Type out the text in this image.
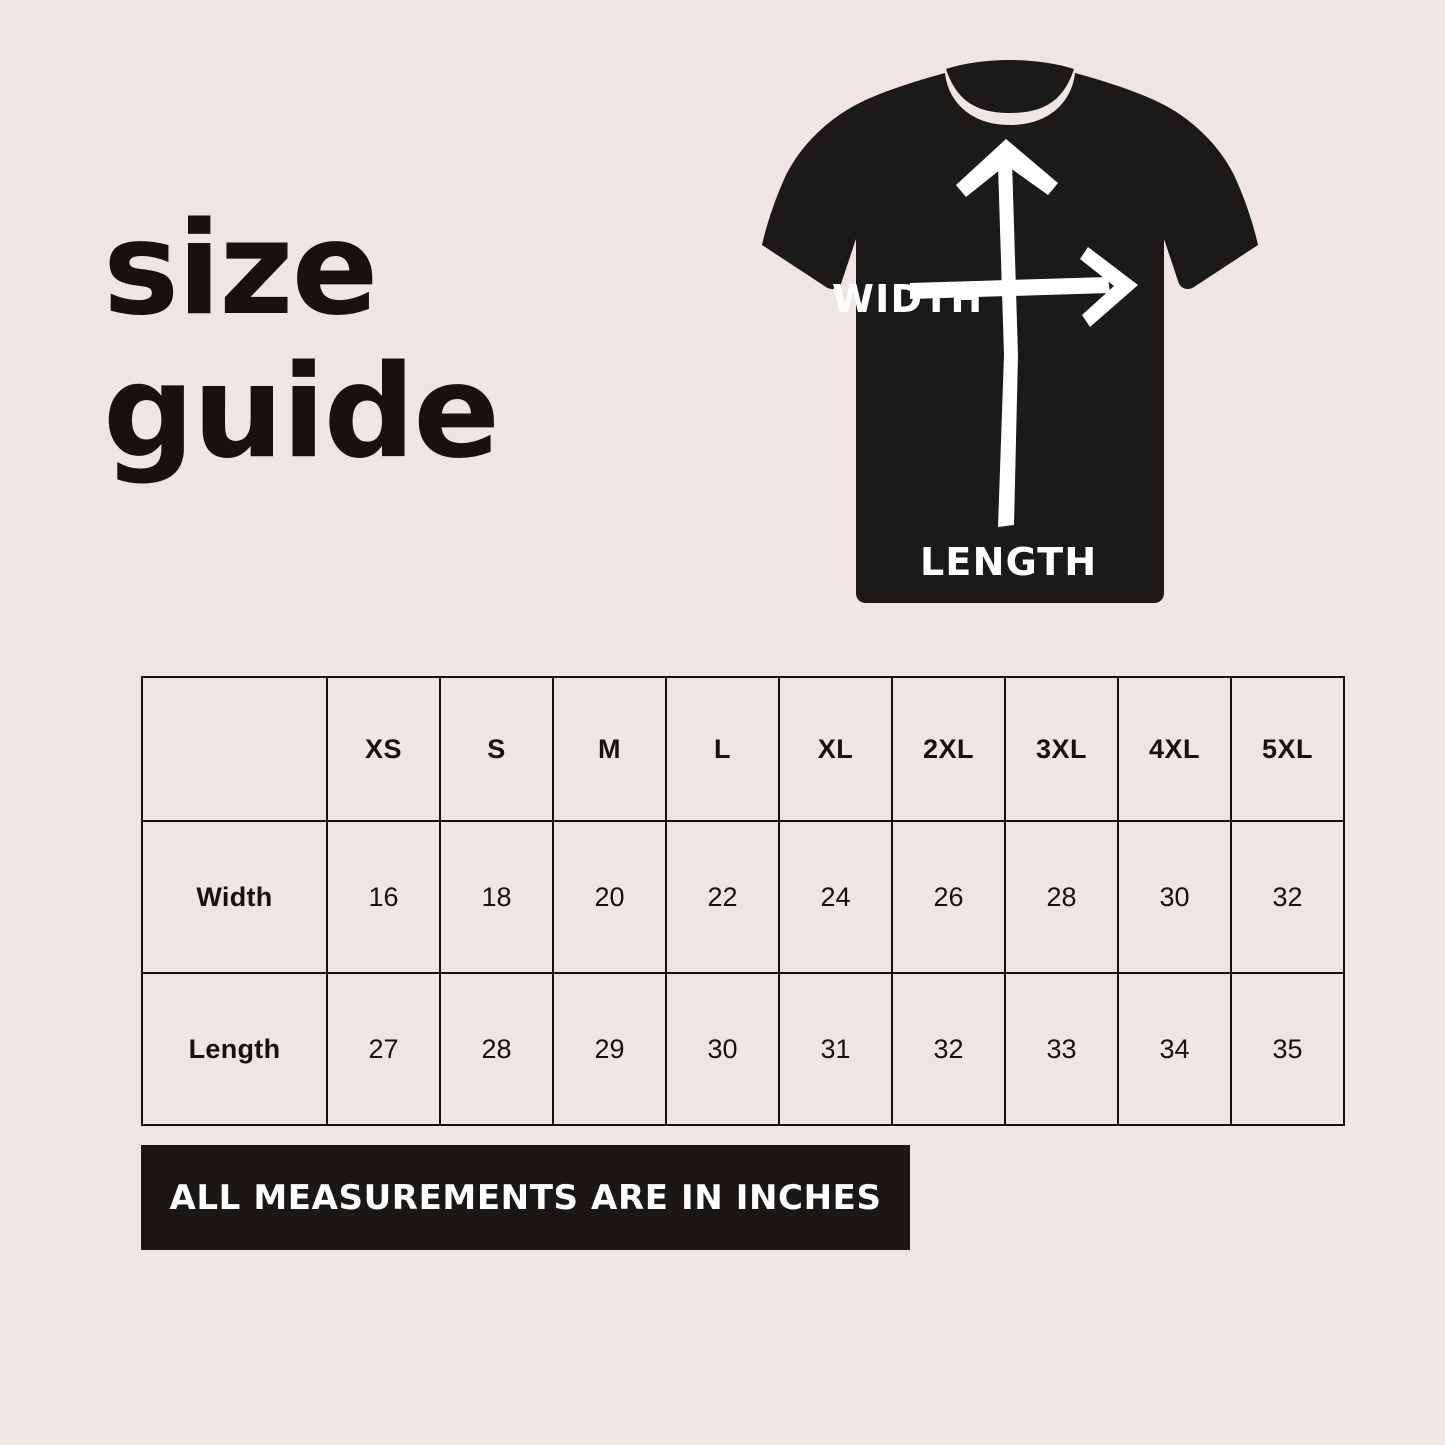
size
guide
WIDTH
LENGTH
	XS	S	M	L	XL	2XL	3XL	4XL	5XL
Width	16	18	20	22	24	26	28	30	32
Length	27	28	29	30	31	32	33	34	35
ALL MEASUREMENTS ARE IN INCHES
